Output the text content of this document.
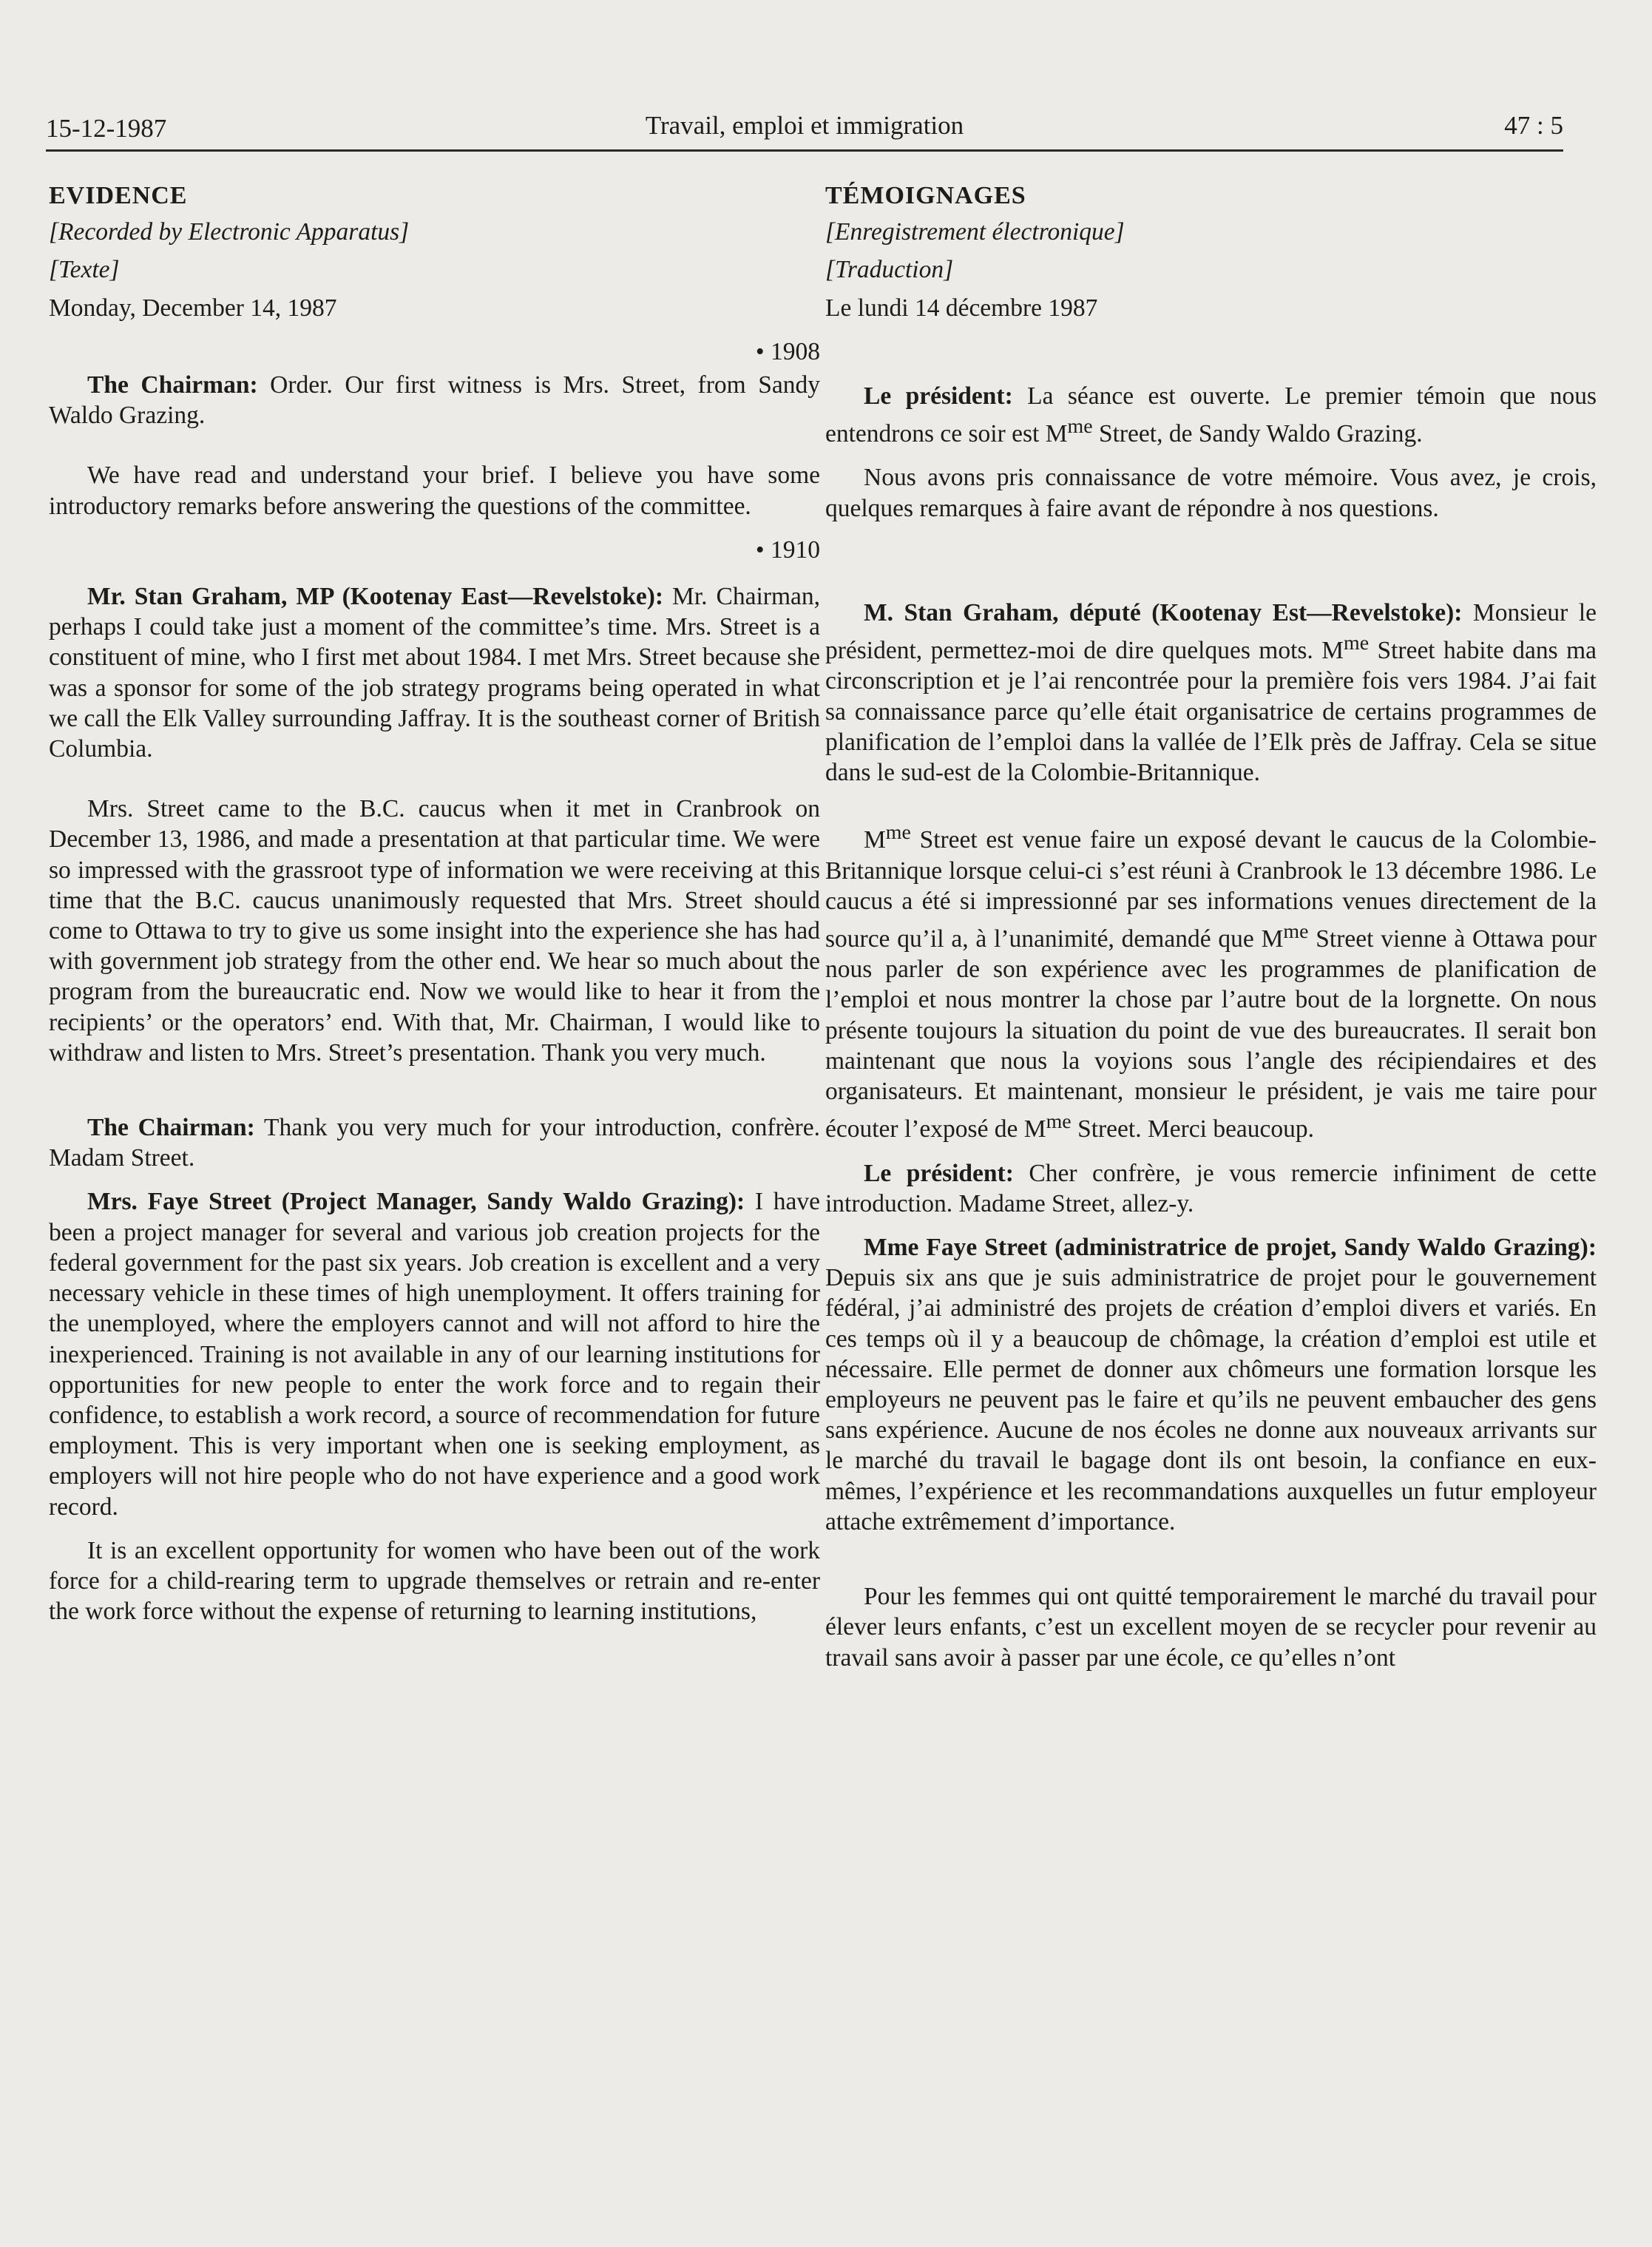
15-12-1987	Travail, emploi et immigration	47 : 5

EVIDENCE

[Recorded by Electronic Apparatus]

[Texte]

Monday, December 14, 1987

• 1908

The Chairman: Order. Our first witness is Mrs. Street, from Sandy Waldo Grazing.

We have read and understand your brief. I believe you have some introductory remarks before answering the questions of the committee.

• 1910

Mr. Stan Graham, MP (Kootenay East—Revelstoke): Mr. Chairman, perhaps I could take just a moment of the committee’s time. Mrs. Street is a constituent of mine, who I first met about 1984. I met Mrs. Street because she was a sponsor for some of the job strategy programs being operated in what we call the Elk Valley surrounding Jaffray. It is the southeast corner of British Columbia.

Mrs. Street came to the B.C. caucus when it met in Cranbrook on December 13, 1986, and made a presentation at that particular time. We were so impressed with the grassroot type of information we were receiving at this time that the B.C. caucus unanimously requested that Mrs. Street should come to Ottawa to try to give us some insight into the experience she has had with government job strategy from the other end. We hear so much about the program from the bureaucratic end. Now we would like to hear it from the recipients’ or the operators’ end. With that, Mr. Chairman, I would like to withdraw and listen to Mrs. Street’s presentation. Thank you very much.

The Chairman: Thank you very much for your introduction, confrère. Madam Street.

Mrs. Faye Street (Project Manager, Sandy Waldo Grazing): I have been a project manager for several and various job creation projects for the federal government for the past six years. Job creation is excellent and a very necessary vehicle in these times of high unemployment. It offers training for the unemployed, where the employers cannot and will not afford to hire the inexperienced. Training is not available in any of our learning institutions for opportunities for new people to enter the work force and to regain their confidence, to establish a work record, a source of recommendation for future employment. This is very important when one is seeking employment, as employers will not hire people who do not have experience and a good work record.

It is an excellent opportunity for women who have been out of the work force for a child-rearing term to upgrade themselves or retrain and re-enter the work force without the expense of returning to learning institutions,

TÉMOIGNAGES

[Enregistrement électronique]

[Traduction]

Le lundi 14 décembre 1987

Le président: La séance est ouverte. Le premier témoin que nous entendrons ce soir est $M^{me}$ Street, de Sandy Waldo Grazing.

Nous avons pris connaissance de votre mémoire. Vous avez, je crois, quelques remarques à faire avant de répondre à nos questions.

M. Stan Graham, député (Kootenay Est—Revelstoke): Monsieur le président, permettez-moi de dire quelques mots. $M^{me}$ Street habite dans ma circonscription et je l’ai rencontrée pour la première fois vers 1984. J’ai fait sa connaissance parce qu’elle était organisatrice de certains programmes de planification de l’emploi dans la vallée de l’Elk près de Jaffray. Cela se situe dans le sud-est de la Colombie-Britannique.

$M^{me}$ Street est venue faire un exposé devant le caucus de la Colombie-Britannique lorsque celui-ci s’est réuni à Cranbrook le 13 décembre 1986. Le caucus a été si impressionné par ses informations venues directement de la source qu’il a, à l’unanimité, demandé que $M^{me}$ Street vienne à Ottawa pour nous parler de son expérience avec les programmes de planification de l’emploi et nous montrer la chose par l’autre bout de la lorgnette. On nous présente toujours la situation du point de vue des bureaucrates. Il serait bon maintenant que nous la voyions sous l’angle des récipiendaires et des organisateurs. Et maintenant, monsieur le président, je vais me taire pour écouter l’exposé de $M^{me}$ Street. Merci beaucoup.

Le président: Cher confrère, je vous remercie infiniment de cette introduction. Madame Street, allez-y.

Mme Faye Street (administratrice de projet, Sandy Waldo Grazing): Depuis six ans que je suis administratrice de projet pour le gouvernement fédéral, j’ai administré des projets de création d’emploi divers et variés. En ces temps où il y a beaucoup de chômage, la création d’emploi est utile et nécessaire. Elle permet de donner aux chômeurs une formation lorsque les employeurs ne peuvent pas le faire et qu’ils ne peuvent embaucher des gens sans expérience. Aucune de nos écoles ne donne aux nouveaux arrivants sur le marché du travail le bagage dont ils ont besoin, la confiance en eux-mêmes, l’expérience et les recommandations auxquelles un futur employeur attache extrêmement d’importance.

Pour les femmes qui ont quitté temporairement le marché du travail pour élever leurs enfants, c’est un excellent moyen de se recycler pour revenir au travail sans avoir à passer par une école, ce qu’elles n’ont
